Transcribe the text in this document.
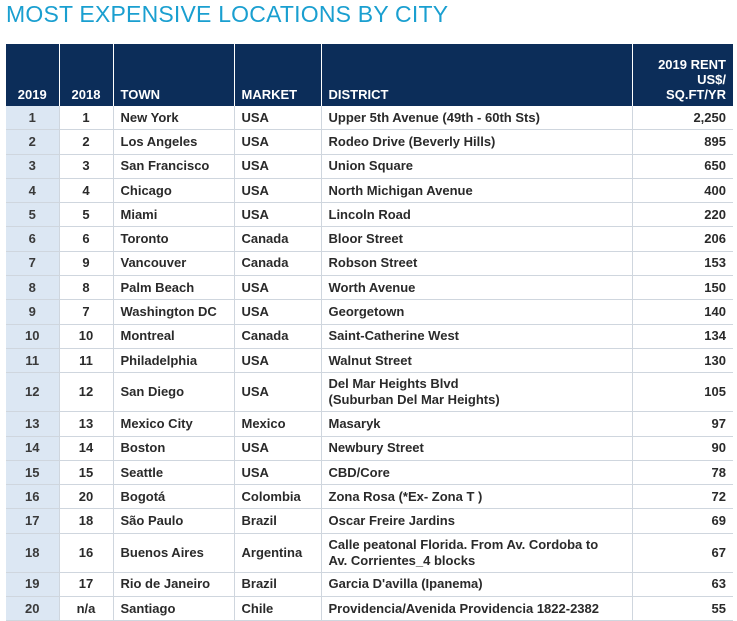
MOST EXPENSIVE LOCATIONS BY CITY
2019	2018	TOWN	MARKET	DISTRICT	2019 RENT
US$/
SQ.FT/YR

1	1	New York	USA	Upper 5th Avenue (49th - 60th Sts)	2,250
2	2	Los Angeles	USA	Rodeo Drive (Beverly Hills)	895
3	3	San Francisco	USA	Union Square	650
4	4	Chicago	USA	North Michigan Avenue	400
5	5	Miami	USA	Lincoln Road	220
6	6	Toronto	Canada	Bloor Street	206
7	9	Vancouver	Canada	Robson Street	153
8	8	Palm Beach	USA	Worth Avenue	150
9	7	Washington DC	USA	Georgetown	140
10	10	Montreal	Canada	Saint-Catherine West	134
11	11	Philadelphia	USA	Walnut Street	130
12	12	San Diego	USA	Del Mar Heights Blvd
(Suburban Del Mar Heights)	105
13	13	Mexico City	Mexico	Masaryk	97
14	14	Boston	USA	Newbury Street	90
15	15	Seattle	USA	CBD/Core	78
16	20	Bogotá	Colombia	Zona Rosa (*Ex- Zona T )	72
17	18	São Paulo	Brazil	Oscar Freire Jardins	69
18	16	Buenos Aires	Argentina	Calle peatonal Florida. From Av. Cordoba to
Av. Corrientes_4 blocks	67
19	17	Rio de Janeiro	Brazil	Garcia D'avilla (Ipanema)	63
20	n/a	Santiago	Chile	Providencia/Avenida Providencia 1822-2382	55
